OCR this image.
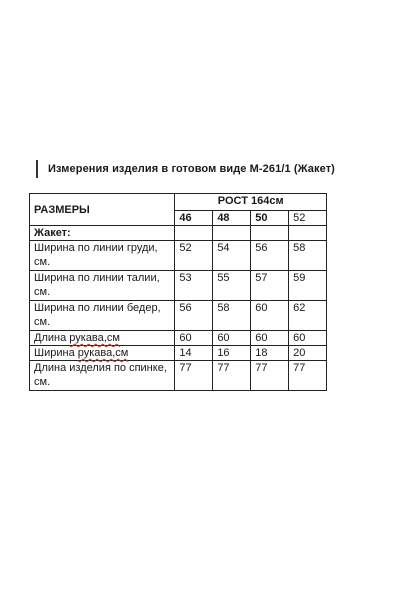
Измерения изделия в готовом виде М-261/1 (Жакет)
РАЗМЕРЫ	РОСТ 164см			
	46	48	50	52
Жакет:				
Ширина по линии груди,
см.	52	54	56	58
Ширина по линии талии,
см.	53	55	57	59
Ширина по линии бедер,
см.	56	58	60	62
Длина рукава,см	60	60	60	60
Ширина рукава,см	14	16	18	20
Длина изделия по спинке,
см.	77	77	77	77
